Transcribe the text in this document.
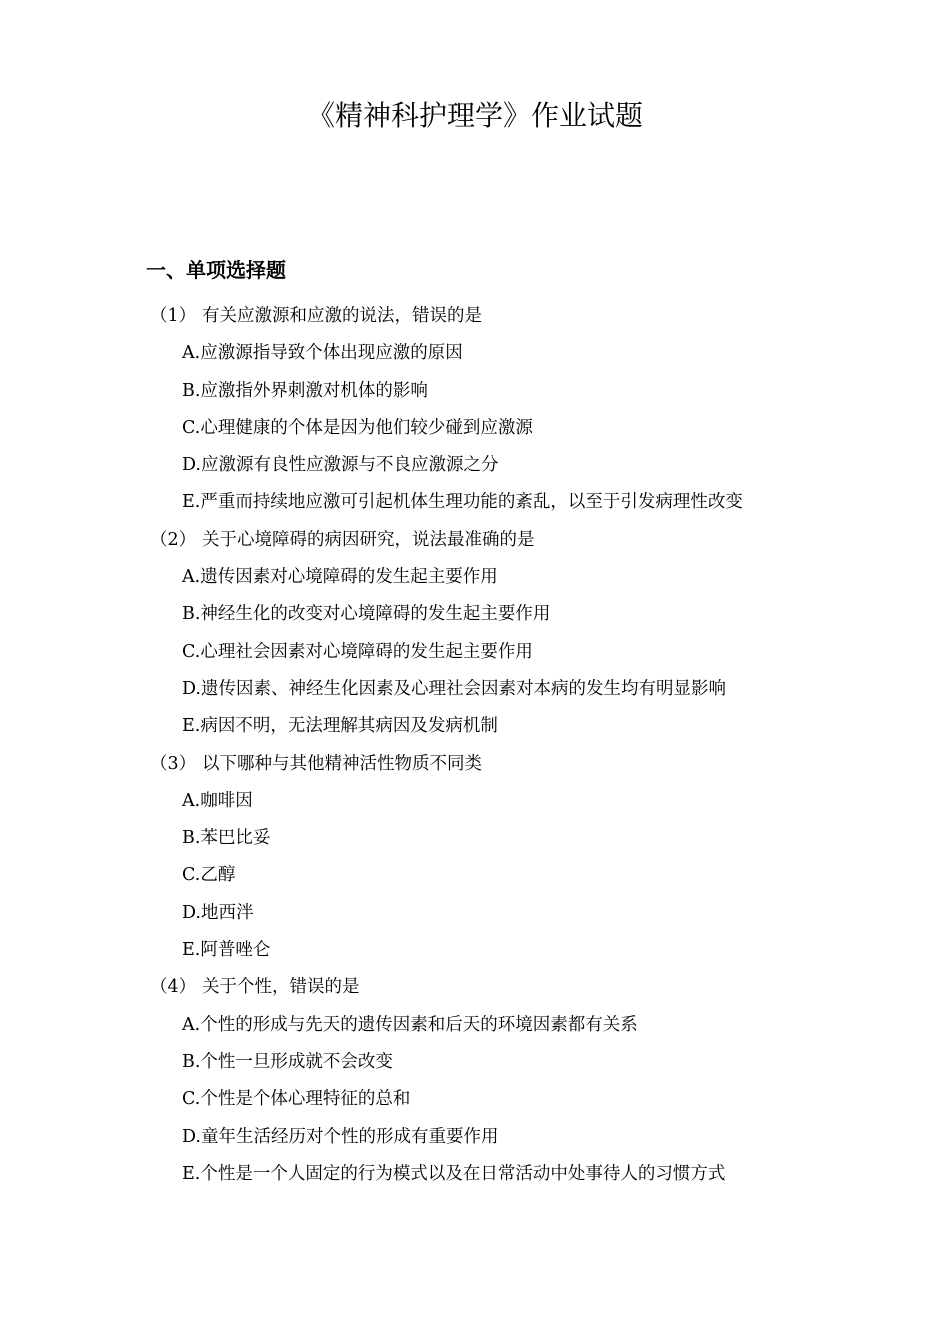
《精神科护理学》作业试题
一、单项选择题
（1） 有关应激源和应激的说法，错误的是
A.应激源指导致个体出现应激的原因
B.应激指外界刺激对机体的影响
C.心理健康的个体是因为他们较少碰到应激源
D.应激源有良性应激源与不良应激源之分
E.严重而持续地应激可引起机体生理功能的紊乱，以至于引发病理性改变
（2） 关于心境障碍的病因研究，说法最准确的是
A.遗传因素对心境障碍的发生起主要作用
B.神经生化的改变对心境障碍的发生起主要作用
C.心理社会因素对心境障碍的发生起主要作用
D.遗传因素、神经生化因素及心理社会因素对本病的发生均有明显影响
E.病因不明，无法理解其病因及发病机制
（3） 以下哪种与其他精神活性物质不同类
A.咖啡因
B.苯巴比妥
C.乙醇
D.地西泮
E.阿普唑仑
（4） 关于个性，错误的是
A.个性的形成与先天的遗传因素和后天的环境因素都有关系
B.个性一旦形成就不会改变
C.个性是个体心理特征的总和
D.童年生活经历对个性的形成有重要作用
E.个性是一个人固定的行为模式以及在日常活动中处事待人的习惯方式
